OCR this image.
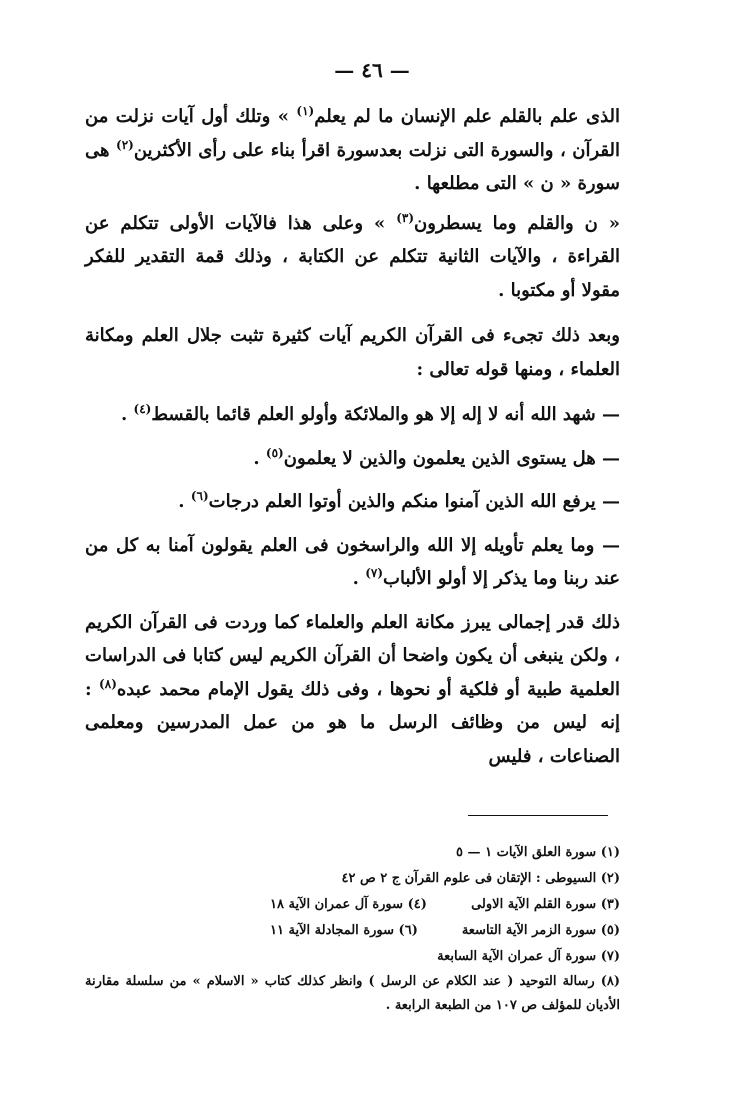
— ٤٦ —

الذى علم بالقلم علم الإنسان ما لم يعلم$^{(١)}$ » وتلك أول آيات نزلت من القرآن ، والسورة التى نزلت بعدسورة اقرأ بناء على رأى الأكثرين$^{(٢)}$ هى سورة « ن » التى مطلعها .

« ن والقلم وما يسطرون$^{(٣)}$ » وعلى هذا فالآيات الأولى تتكلم عن القراءة ، والآيات الثانية تتكلم عن الكتابة ، وذلك قمة التقدير للفكر مقولا أو مكتوبا .

وبعد ذلك تجىء فى القرآن الكريم آيات كثيرة تثبت جلال العلم ومكانة العلماء ، ومنها قوله تعالى :

— شهد الله أنه لا إله إلا هو والملائكة وأولو العلم قائما بالقسط$^{(٤)}$ .

— هل يستوى الذين يعلمون والذين لا يعلمون$^{(٥)}$ .

— يرفع الله الذين آمنوا منكم والذين أوتوا العلم درجات$^{(٦)}$ .

— وما يعلم تأويله إلا الله والراسخون فى العلم يقولون آمنا به كل من عند ربنا وما يذكر إلا أولو الألباب$^{(٧)}$ .

ذلك قدر إجمالى يبرز مكانة العلم والعلماء كما وردت فى القرآن الكريم ، ولكن ينبغى أن يكون واضحا أن القرآن الكريم ليس كتابا فى الدراسات العلمية طبية أو فلكية أو نحوها ، وفى ذلك يقول الإمام محمد عبده$^{(٨)}$ : إنه ليس من وظائف الرسل ما هو من عمل المدرسين ومعلمى الصناعات ، فليس

(١) سورة العلق الآيات ١ — ٥
(٢) السيوطى : الإتقان فى علوم القرآن ج ٢ ص ٤٢
(٣) سورة القلم الآية الاولى
(٤) سورة آل عمران الآية ١٨
(٥) سورة الزمر الآية التاسعة
(٦) سورة المجادلة الآية ١١
(٧) سورة آل عمران الآية السابعة
(٨) رسالة التوحيد ( عند الكلام عن الرسل ) وانظر كذلك كتاب « الاسلام » من سلسلة مقارنة الأديان للمؤلف ص ١٠٧ من الطبعة الرابعة .
